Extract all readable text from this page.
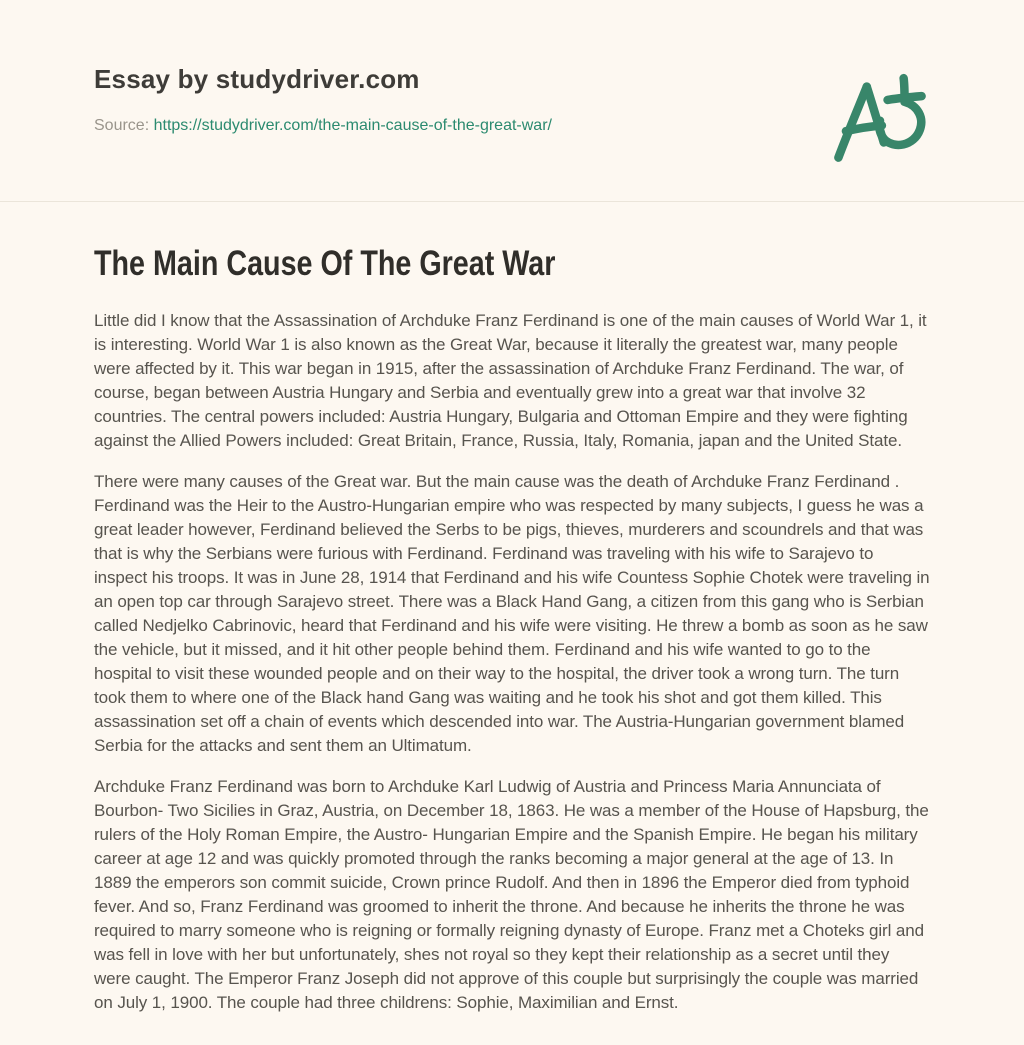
Essay by studydriver.com
Source: https://studydriver.com/the-main-cause-of-the-great-war/
The Main Cause Of The Great War

Little did I know that the Assassination of Archduke Franz Ferdinand is one of the main causes of World War 1, it is interesting. World War 1 is also known as the Great War, because it literally the greatest war, many people were affected by it. This war began in 1915, after the assassination of Archduke Franz Ferdinand. The war, of course, began between Austria Hungary and Serbia and eventually grew into a great war that involve 32 countries. The central powers included: Austria Hungary, Bulgaria and Ottoman Empire and they were fighting against the Allied Powers included: Great Britain, France, Russia, Italy, Romania, japan and the United State.

There were many causes of the Great war. But the main cause was the death of Archduke Franz Ferdinand . Ferdinand was the Heir to the Austro-Hungarian empire who was respected by many subjects, I guess he was a great leader however, Ferdinand believed the Serbs to be pigs, thieves, murderers and scoundrels and that was that is why the Serbians were furious with Ferdinand. Ferdinand was traveling with his wife to Sarajevo to inspect his troops. It was in June 28, 1914 that Ferdinand and his wife Countess Sophie Chotek were traveling in an open top car through Sarajevo street. There was a Black Hand Gang, a citizen from this gang who is Serbian called Nedjelko Cabrinovic, heard that Ferdinand and his wife were visiting. He threw a bomb as soon as he saw the vehicle, but it missed, and it hit other people behind them. Ferdinand and his wife wanted to go to the hospital to visit these wounded people and on their way to the hospital, the driver took a wrong turn. The turn took them to where one of the Black hand Gang was waiting and he took his shot and got them killed. This assassination set off a chain of events which descended into war. The Austria-Hungarian government blamed Serbia for the attacks and sent them an Ultimatum.

Archduke Franz Ferdinand was born to Archduke Karl Ludwig of Austria and Princess Maria Annunciata of Bourbon- Two Sicilies in Graz, Austria, on December 18, 1863. He was a member of the House of Hapsburg, the rulers of the Holy Roman Empire, the Austro- Hungarian Empire and the Spanish Empire. He began his military career at age 12 and was quickly promoted through the ranks becoming a major general at the age of 13. In 1889 the emperors son commit suicide, Crown prince Rudolf. And then in 1896 the Emperor died from typhoid fever. And so, Franz Ferdinand was groomed to inherit the throne. And because he inherits the throne he was required to marry someone who is reigning or formally reigning dynasty of Europe. Franz met a Choteks girl and was fell in love with her but unfortunately, shes not royal so they kept their relationship as a secret until they were caught. The Emperor Franz Joseph did not approve of this couple but surprisingly the couple was married on July 1, 1900. The couple had three childrens: Sophie, Maximilian and Ernst.
